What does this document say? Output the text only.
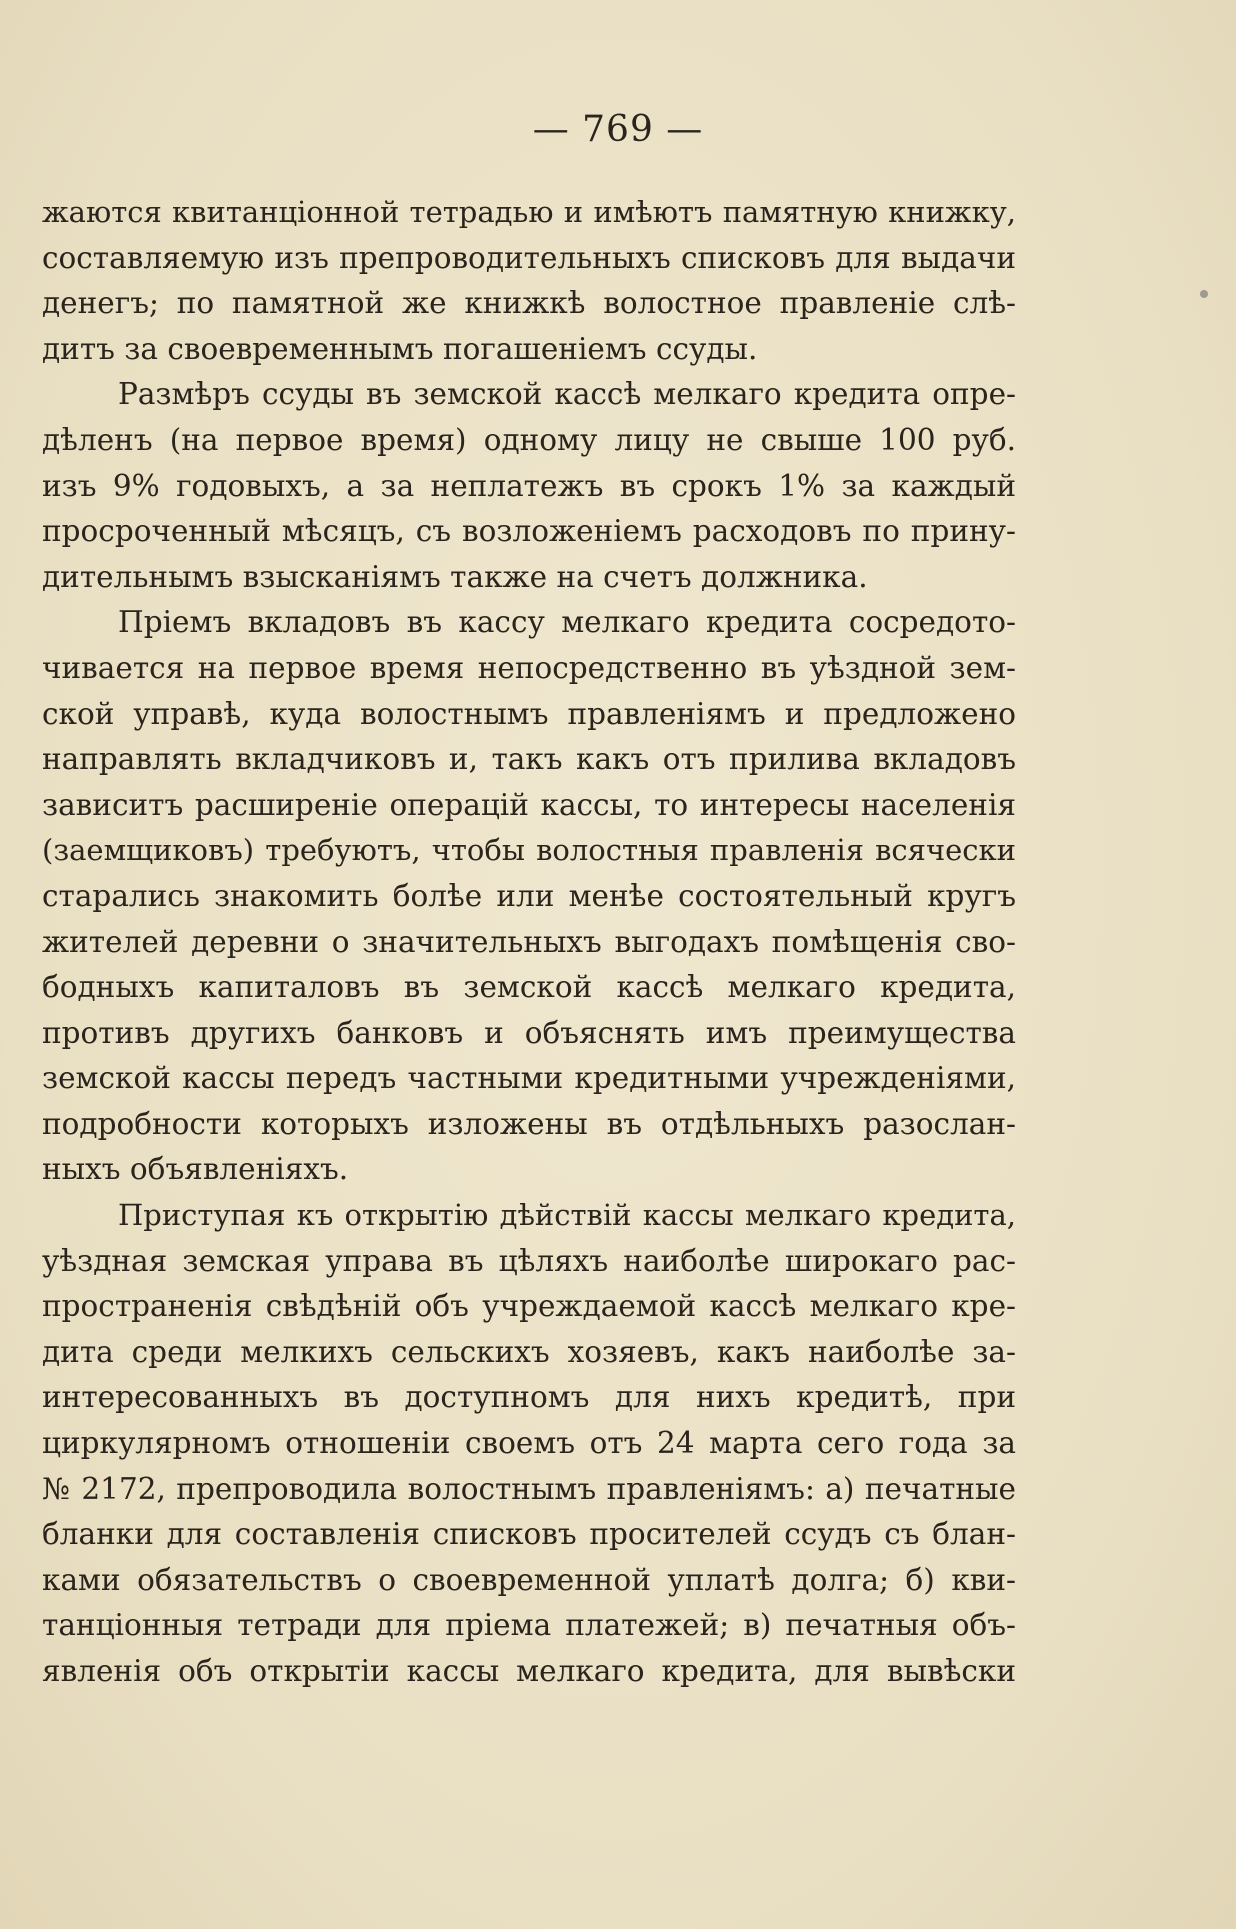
— 769 —
жаются квитанціонной тетрадью и имѣютъ памятную книжку,
составляемую изъ препроводительныхъ списковъ для выдачи
денегъ; по памятной же книжкѣ волостное правленіе слѣ-
дитъ за своевременнымъ погашеніемъ ссуды.
Размѣръ ссуды въ земской кассѣ мелкаго кредита опре-
дѣленъ (на первое время) одному лицу не свыше 100 руб.
изъ 9% годовыхъ, а за неплатежъ въ срокъ 1% за каждый
просроченный мѣсяцъ, съ возложеніемъ расходовъ по прину-
дительнымъ взысканіямъ также на счетъ должника.
Пріемъ вкладовъ въ кассу мелкаго кредита сосредото-
чивается на первое время непосредственно въ уѣздной зем-
ской управѣ, куда волостнымъ правленіямъ и предложено
направлять вкладчиковъ и, такъ какъ отъ прилива вкладовъ
зависитъ расширеніе операцій кассы, то интересы населенія
(заемщиковъ) требуютъ, чтобы волостныя правленія всячески
старались знакомить болѣе или менѣе состоятельный кругъ
жителей деревни о значительныхъ выгодахъ помѣщенія сво-
бодныхъ капиталовъ въ земской кассѣ мелкаго кредита,
противъ другихъ банковъ и объяснять имъ преимущества
земской кассы передъ частными кредитными учрежденіями,
подробности которыхъ изложены въ отдѣльныхъ разослан-
ныхъ объявленіяхъ.
Приступая къ открытію дѣйствій кассы мелкаго кредита,
уѣздная земская управа въ цѣляхъ наиболѣе широкаго рас-
пространенія свѣдѣній объ учреждаемой кассѣ мелкаго кре-
дита среди мелкихъ сельскихъ хозяевъ, какъ наиболѣе за-
интересованныхъ въ доступномъ для нихъ кредитѣ, при
циркулярномъ отношеніи своемъ отъ 24 марта сего года за
№ 2172, препроводила волостнымъ правленіямъ: а) печатные
бланки для составленія списковъ просителей ссудъ съ блан-
ками обязательствъ о своевременной уплатѣ долга; б) кви-
танціонныя тетради для пріема платежей; в) печатныя объ-
явленія объ открытіи кассы мелкаго кредита, для вывѣски
